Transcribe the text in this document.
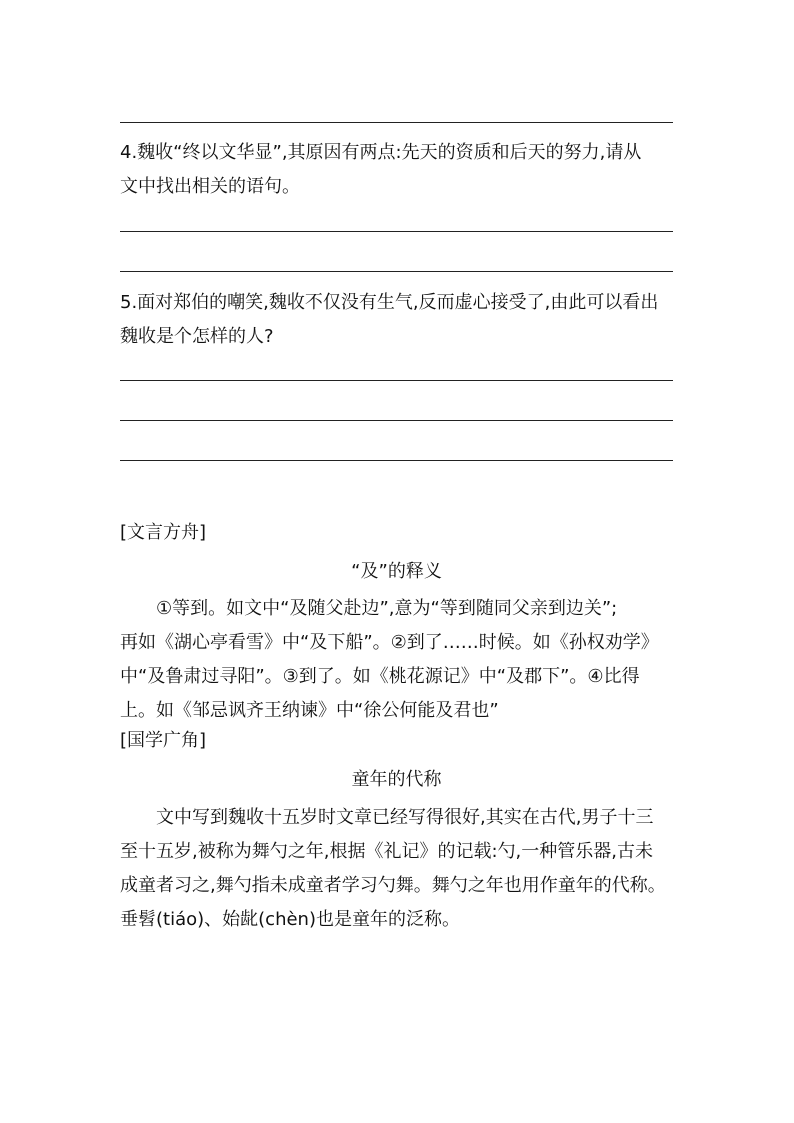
4.魏收“终以文华显”,其原因有两点:先天的资质和后天的努力,请从
文中找出相关的语句。
5.面对郑伯的嘲笑,魏收不仅没有生气,反而虚心接受了,由此可以看出
魏收是个怎样的人?
[文言方舟]
“及”的释义
①等到。如文中“及随父赴边”,意为“等到随同父亲到边关”;
再如《湖心亭看雪》中“及下船”。②到了……时候。如《孙权劝学》
中“及鲁肃过寻阳”。③到了。如《桃花源记》中“及郡下”。④比得
上。如《邹忌讽齐王纳谏》中“徐公何能及君也”
[国学广角]
童年的代称
文中写到魏收十五岁时文章已经写得很好,其实在古代,男子十三
至十五岁,被称为舞勺之年,根据《礼记》的记载:勺,一种管乐器,古未
成童者习之,舞勺指未成童者学习勺舞。舞勺之年也用作童年的代称。
垂髫(tiáo)、始龀(chèn)也是童年的泛称。
